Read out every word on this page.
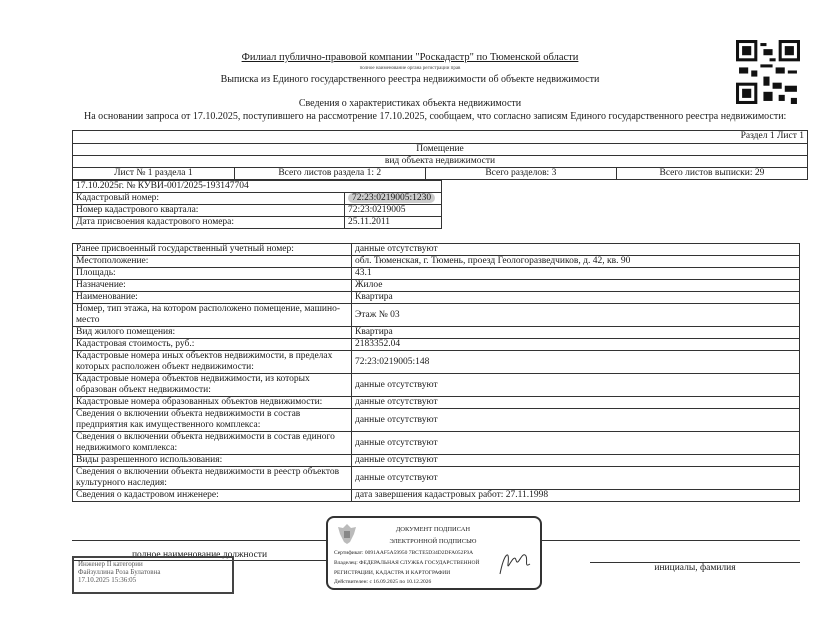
Филиал публично-правовой компании "Роскадастр" по Тюменской области
полное наименование органа регистрации прав
Выписка из Единого государственного реестра недвижимости об объекте недвижимости
Сведения о характеристиках объекта недвижимости
На основании запроса от 17.10.2025, поступившего на рассмотрение 17.10.2025, сообщаем, что согласно записям Единого государственного реестра недвижимости:
Раздел 1 Лист 1
Помещение
вид объекта недвижимости
Лист № 1 раздела 1	Всего листов раздела 1: 2	Всего разделов: 3	Всего листов выписки: 29
17.10.2025г. № КУВИ-001/2025-193147704	
Кадастровый номер:	72:23:0219005:1230
Номер кадастрового квартала:	72:23:0219005
Дата присвоения кадастрового номера:	25.11.2011
Ранее присвоенный государственный учетный номер:	данные отсутствуют
Местоположение:	обл. Тюменская, г. Тюмень, проезд Геологоразведчиков, д. 42, кв. 90
Площадь:	43.1
Назначение:	Жилое
Наименование:	Квартира
Номер, тип этажа, на котором расположено помещение, машино-место	Этаж № 03
Вид жилого помещения:	Квартира
Кадастровая стоимость, руб.:	2183352.04
Кадастровые номера иных объектов недвижимости, в пределах которых расположен объект недвижимости:	72:23:0219005:148
Кадастровые номера объектов недвижимости, из которых образован объект недвижимости:	данные отсутствуют
Кадастровые номера образованных объектов недвижимости:	данные отсутствуют
Сведения о включении объекта недвижимости в состав предприятия как имущественного комплекса:	данные отсутствуют
Сведения о включении объекта недвижимости в состав единого недвижимого комплекса:	данные отсутствуют
Виды разрешенного использования:	данные отсутствуют
Сведения о включении объекта недвижимости в реестр объектов культурного наследия:	данные отсутствуют
Сведения о кадастровом инженере:	дата завершения кадастровых работ: 27.11.1998
полное наименование должности
инициалы, фамилия
Инженер II категории
Файзуллина Роза Булатовна
17.10.2025 15:36:05
ДОКУМЕНТ ПОДПИСАН
ЭЛЕКТРОННОЙ ПОДПИСЬЮ
Сертификат: 0091AAF5A59950 7BCTE5D34D2DFA052F9A
Владелец: ФЕДЕРАЛЬНАЯ СЛУЖБА ГОСУДАРСТВЕННОЙ
РЕГИСТРАЦИИ, КАДАСТРА И КАРТОГРАФИИ
Действителен: с 16.09.2025 по 10.12.2026
